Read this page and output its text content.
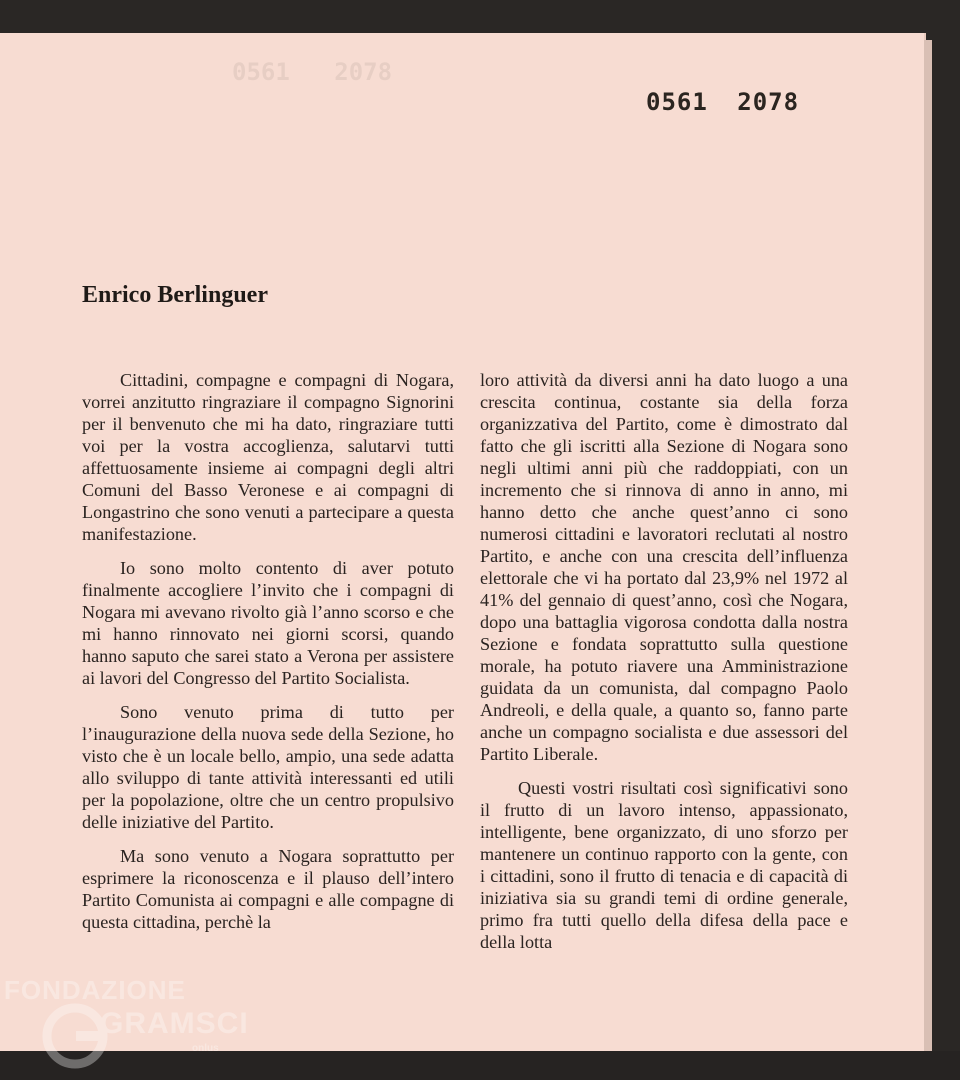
0561 2078
0561 2078
Enrico Berlinguer

Cittadini, compagne e compagni di Nogara, vorrei anzitutto ringraziare il compagno Signorini per il benvenuto che mi ha dato, ringraziare tutti voi per la vostra accoglienza, salutarvi tutti affettuosamente insieme ai compagni degli altri Comuni del Basso Veronese e ai compagni di Longastrino che sono venuti a partecipare a questa manifestazione.

Io sono molto contento di aver potuto finalmente accogliere l’invito che i compagni di Nogara mi avevano rivolto già l’anno scorso e che mi hanno rinnovato nei giorni scorsi, quando hanno saputo che sarei stato a Verona per assistere ai lavori del Congresso del Partito Socialista.

Sono venuto prima di tutto per l’inaugurazione della nuova sede della Sezione, ho visto che è un locale bello, ampio, una sede adatta allo sviluppo di tante attività interessanti ed utili per la popolazione, oltre che un centro propulsivo delle iniziative del Partito.

Ma sono venuto a Nogara soprattutto per esprimere la riconoscenza e il plauso dell’intero Partito Comunista ai compagni e alle compagne di questa cittadina, perchè la

loro attività da diversi anni ha dato luogo a una crescita continua, costante sia della forza organizzativa del Partito, come è dimostrato dal fatto che gli iscritti alla Sezione di Nogara sono negli ultimi anni più che raddoppiati, con un incremento che si rinnova di anno in anno, mi hanno detto che anche quest’anno ci sono numerosi cittadini e lavoratori reclutati al nostro Partito, e anche con una crescita dell’influenza elettorale che vi ha portato dal 23,9% nel 1972 al 41% del gennaio di quest’anno, così che Nogara, dopo una battaglia vigorosa condotta dalla nostra Sezione e fondata soprattutto sulla questione morale, ha potuto riavere una Amministrazione guidata da un comunista, dal compagno Paolo Andreoli, e della quale, a quanto so, fanno parte anche un compagno socialista e due assessori del Partito Liberale.

Questi vostri risultati così significativi sono il frutto di un lavoro intenso, appassionato, intelligente, bene organizzato, di uno sforzo per mantenere un continuo rapporto con la gente, con i cittadini, sono il frutto di tenacia e di capacità di iniziativa sia su grandi temi di ordine generale, primo fra tutti quello della difesa della pace e della lotta

FONDAZIONE
GRAMSCI
onlus
